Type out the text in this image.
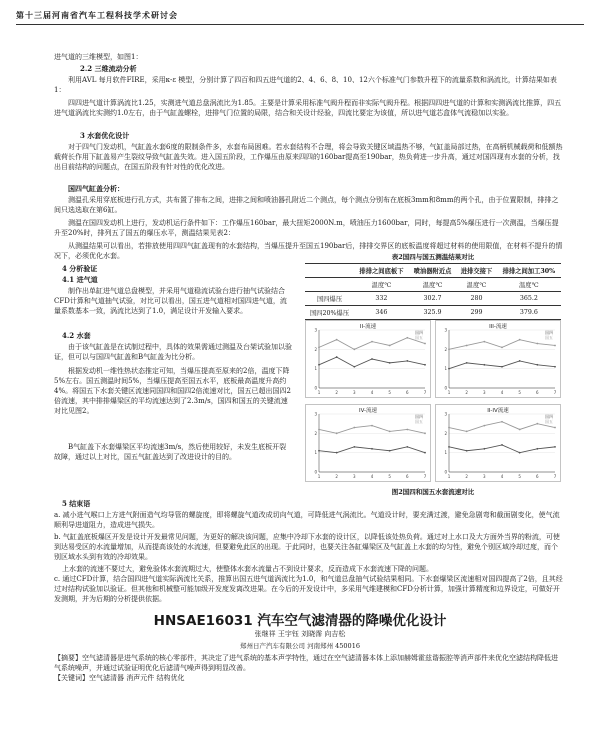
第十三届河南省汽车工程科技学术研讨会
进气道的三维模型，如图1：
2.2 三维流动分析
利用AVL 每月软件FIRE，采用κ-ε 模型，分别计算了四百和四五进气道的2、4、6、8、10、12六个标准气门参数升程下的流量系数和涡流比，计算结果如表1：
四四进气道计算涡流比1.25，实测进气道总盘涡流比为1.85。主要是计算采用标准气阀升程而非实际气阀升程。根据四四进气道的计算和实测涡流比推算，四五进气道涡流比实测约1.0左右，由于气缸盖螺栓，进排气门位置的局限，结合和关设计经验，四流比要定为该值，所以进气道芯盒体气流稳加以实验。
3 水套优化设计
对于四气门发动机，气缸盖水套6度的限制条件多，水套布局困难。若水套结构不合理，将会导致关键区域温热不够，气缸盖局部过热，在高柄机械载荷和低额热载荷长作用下缸盖易产生裂纹导致气缸盖失效。进入国五阶段，工作爆压由原来四四的160bar提高至190bar，热负荷进一步升高，通过对国四现有水套的分析，找出目前结构的问题点，在国五阶段有针对性的优化改进。
国四气缸盖分析：
测温孔采用穿底板进行孔方式，共布置了排布之间，进排之间和喷油器孔附近二个测点，每个测点分别布在底板3mm和8mm的两个孔，由于位置限制，排排之间只选选取在第6缸。
测温在国四发动机上进行，发动机运行条件如下：工作爆压160bar，最大扭矩2000N.m，喷油压力1600bar，同时，每提高5%爆压进行一次测温，当爆压提升至20%时，排列五了国五的爆压水平，测温结果见表2：
从测温结果可以看出，若排放使用四四气缸盖现有的水套结构，当爆压提升至国五190bar后，排排交界区的底板温度将超过材料的使用限值，在材料不提升的情况下，必须优化水套。
4 分析验证
4.1 进气道
制作出单缸进气道总盘模型，并采用气道稳流试验台进行抽气试验结合CFD计算和气道抽气试验，对比可以看出，国五进气道相对国四进气道，流量系数基本一致，涡流比达到了1.0，满足设计开发输入要求。
4.2 水套
由于该气缸盖是在试制过程中，具体的效果需通过测温及台架试验加以验证，但可以与国四气缸盖和B气缸盖为比分析。
根据发动机一维性热状态推定可知，当爆压提高至原来的2倍，温度下降5%左右。国五测温时间5%，当爆压提高至国五水平，底板最高温度升高约4%。将国五下水套关键区流速同国四和国四2倍流速对比，国五已超出国四2倍流速，其中排排爆梁区的平均流速达到了2.3m/s，国四和国五的关键流速对比见图2。
B气缸盖下水套爆梁区平均流速3m/s，然后使用较好，未发生底板开裂故障，通过以上对比，国五气缸盖达到了改进设计的目的。
表2国四与国五测温结果对比
	排排之间底板下	喷油器附近点	进排交接下	排排之间加工30%
	温度℃	温度℃	温度℃	温度℃
国四爆压	332	302.7	280	365.2
国四20%爆压	346	325.9	299	379.6
II-流速
0
1
2
3
1	2	3	4	5	6	7
国四
国五
III-流速
0
1
2
3
1	2	3	4	5	6	7
国四
国五
IV-流速
0
1
2
3
1	2	3	4	5	6	7
国四
国五
II-IV流速
0
1
2
3
1	2	3	4	5	6	7
国四
国五
图2国四和国五水套流速对比
5 结束语
a. 减小进气喉口上方进气附面造气均导管的螺旋度，即将螺旋气道改成切向气道，可降低进气涡流比。气道设计时，要充满过渡，避免急剧弯和截面剧变化，使气流顺利导进道阻力，造成进气损失。
b. 气缸盖底板爆区开发是设计开发最常见问题，为更好的解决该问题，应集中冷却下水套的设计区，以降低该处热负荷。通过对上水口及大方面外当界的粉流，可使到达易受区的水流量增加，从而提高该处的水流速，但要避免此区的出现。于此同时，也要关注各缸爆梁区及气缸盖上水套的均匀性，避免个别区域冷却过度，而个别区域水头到有效的冷却效果。
上水套的流速不要过大，避免验体水套流期过大，使整体水套水流量占不到设计要求，反而造成下水套流速下降的问题。
c. 通过CFD计算，结合国四进气道实际涡流比关系，推算出国五进气道涡流比为1.0，和气道总盘抽气试验结果相同。下水套爆梁区流速相对国四提高了2倍，且其经过对结构试验加以验证。但其他和机械整可能加级开发度发离改进果。在今后的开发设计中，多采用气维建模和CFD分析计算，加强计算精度和边界设定，可做好开发测期，并为后期的分析提供依据。
HNSAE16031 汽车空气滤清器的降噪优化设计
张继祥 王宇钰 刘晓霈 向吉松
郑州日产汽车有限公司 河南郑州 450016
【摘要】空气滤清器是进气系统的核心零部件，其决定了进气系统的基本声学特性，通过在空气滤清器本体上添加赫姆霍兹谐振腔等消声部件来优化空滤结构降低进气系统噪声，并通过试验证明优化后滤清气噪声得到明显改善。
【关键词】空气滤清器 消声元件 结构优化
